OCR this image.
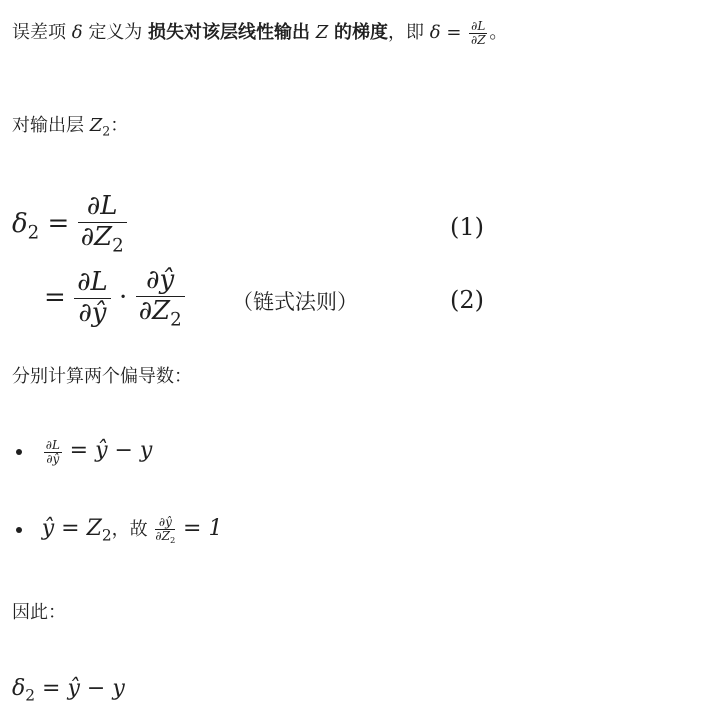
误差项 δ 定义为 损失对该层线性输出 Z 的梯度，即 $\delta = \frac{\partial L}{\partial Z}$ 。
对输出层 $Z_2$：
$\delta_2 = \frac{\partial L}{\partial Z_2}$	(1)
= $\frac{\partial L}{\partial ŷ} \cdot \frac{\partial ŷ}{\partial Z_2}$ （链式法则）	(2)
分别计算两个偏导数：

$\frac{\partial L}{\partial ŷ}$ = ŷ − y
ŷ = $Z_2$，故 $\frac{\partial ŷ}{\partial Z_2} = 1$
因此：
$\delta_2$ = ŷ − y
